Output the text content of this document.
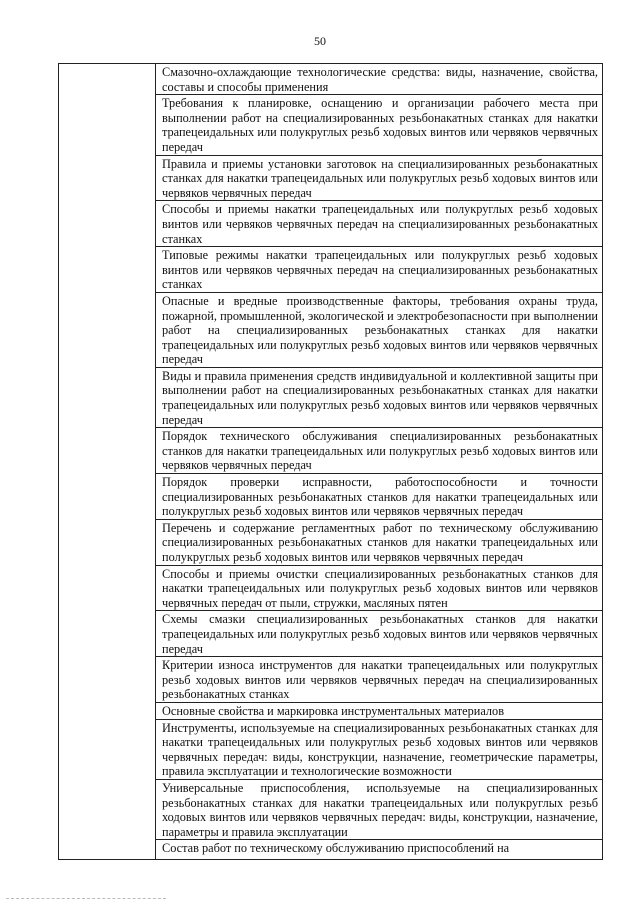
50
	Смазочно-охлаждающие технологические средства: виды, назначение, свойства, составы и способы применения
Требования к планировке, оснащению и организации рабочего места при выполнении работ на специализированных резьбонакатных станках для накатки трапецеидальных или полукруглых резьб ходовых винтов или червяков червячных передач
Правила и приемы установки заготовок на специализированных резьбонакатных станках для накатки трапецеидальных или полукруглых резьб ходовых винтов или червяков червячных передач
Способы и приемы накатки трапецеидальных или полукруглых резьб ходовых винтов или червяков червячных передач на специализированных резьбонакатных станках
Типовые режимы накатки трапецеидальных или полукруглых резьб ходовых винтов или червяков червячных передач на специализированных резьбонакатных станках
Опасные и вредные производственные факторы, требования охраны труда, пожарной, промышленной, экологической и электробезопасности при выполнении работ на специализированных резьбонакатных станках для накатки трапецеидальных или полукруглых резьб ходовых винтов или червяков червячных передач
Виды и правила применения средств индивидуальной и коллективной защиты при выполнении работ на специализированных резьбонакатных станках для накатки трапецеидальных или полукруглых резьб ходовых винтов или червяков червячных передач
Порядок технического обслуживания специализированных резьбонакатных станков для накатки трапецеидальных или полукруглых резьб ходовых винтов или червяков червячных передач
Порядок проверки исправности, работоспособности и точности специализированных резьбонакатных станков для накатки трапецеидальных или полукруглых резьб ходовых винтов или червяков червячных передач
Перечень и содержание регламентных работ по техническому обслуживанию специализированных резьбонакатных станков для накатки трапецеидальных или полукруглых резьб ходовых винтов или червяков червячных передач
Способы и приемы очистки специализированных резьбонакатных станков для накатки трапецеидальных или полукруглых резьб ходовых винтов или червяков червячных передач от пыли, стружки, масляных пятен
Схемы смазки специализированных резьбонакатных станков для накатки трапецеидальных или полукруглых резьб ходовых винтов или червяков червячных передач
Критерии износа инструментов для накатки трапецеидальных или полукруглых резьб ходовых винтов или червяков червячных передач на специализированных резьбонакатных станках
Основные свойства и маркировка инструментальных материалов
Инструменты, используемые на специализированных резьбонакатных станках для накатки трапецеидальных или полукруглых резьб ходовых винтов или червяков червячных передач: виды, конструкции, назначение, геометрические параметры, правила эксплуатации и технологические возможности
Универсальные приспособления, используемые на специализированных резьбонакатных станках для накатки трапецеидальных или полукруглых резьб ходовых винтов или червяков червячных передач: виды, конструкции, назначение, параметры и правила эксплуатации
Состав работ по техническому обслуживанию приспособлений на
